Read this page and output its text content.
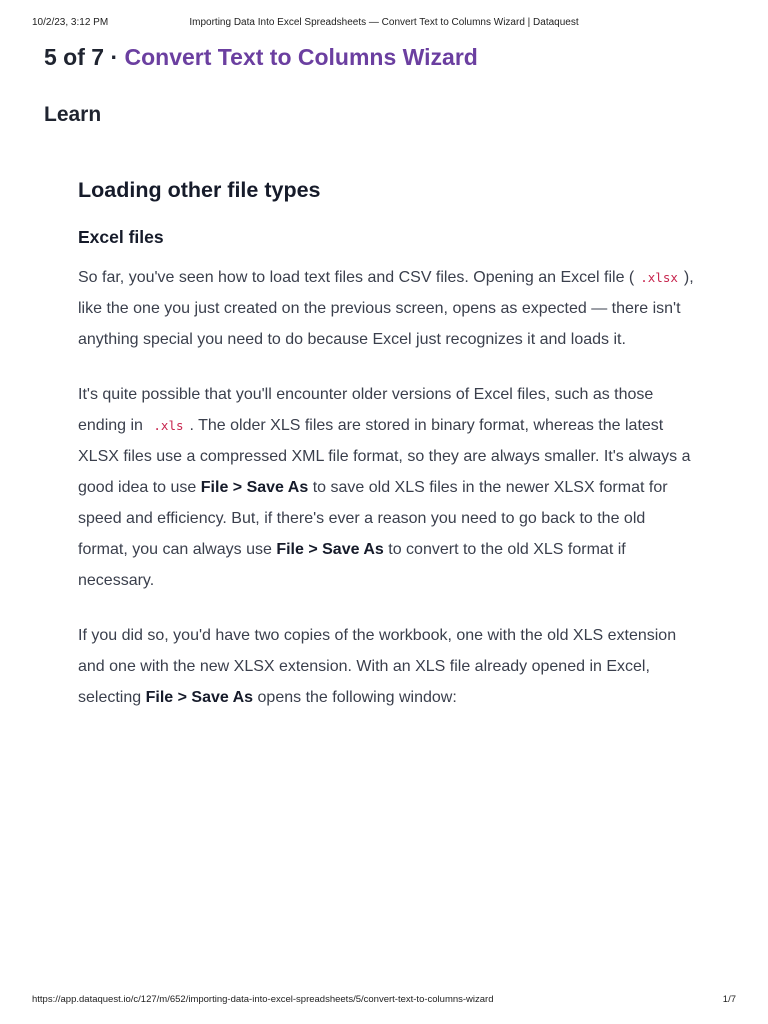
10/2/23, 3:12 PM	Importing Data Into Excel Spreadsheets — Convert Text to Columns Wizard | Dataquest
5 of 7 · Convert Text to Columns Wizard
Learn
Loading other file types
Excel files

So far, you've seen how to load text files and CSV files. Opening an Excel file ( .xlsx ), like the one you just created on the previous screen, opens as expected — there isn't anything special you need to do because Excel just recognizes it and loads it.

It's quite possible that you'll encounter older versions of Excel files, such as those ending in .xls . The older XLS files are stored in binary format, whereas the latest XLSX files use a compressed XML file format, so they are always smaller. It's always a good idea to use File > Save As to save old XLS files in the newer XLSX format for speed and efficiency. But, if there's ever a reason you need to go back to the old format, you can always use File > Save As to convert to the old XLS format if necessary.

If you did so, you'd have two copies of the workbook, one with the old XLS extension and one with the new XLSX extension. With an XLS file already opened in Excel, selecting File > Save As opens the following window:

https://app.dataquest.io/c/127/m/652/importing-data-into-excel-spreadsheets/5/convert-text-to-columns-wizard	1/7
